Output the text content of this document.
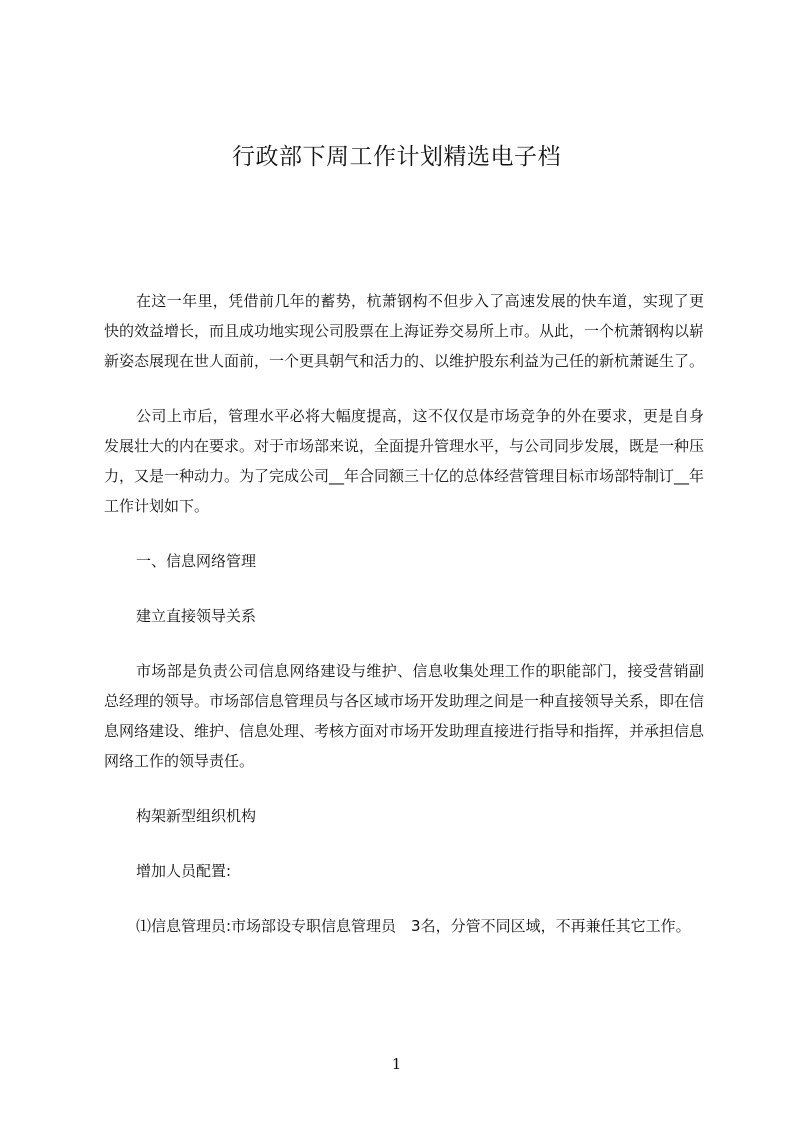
行政部下周工作计划精选电子档

在这一年里，凭借前几年的蓄势，杭萧钢构不但步入了高速发展的快车道，实现了更快的效益增长，而且成功地实现公司股票在上海证券交易所上市。从此，一个杭萧钢构以崭新姿态展现在世人面前，一个更具朝气和活力的、以维护股东利益为己任的新杭萧诞生了。

公司上市后，管理水平必将大幅度提高，这不仅仅是市场竞争的外在要求，更是自身发展壮大的内在要求。对于市场部来说，全面提升管理水平，与公司同步发展，既是一种压力，又是一种动力。为了完成公司__年合同额三十亿的总体经营管理目标市场部特制订__年工作计划如下。

一、信息网络管理

建立直接领导关系

市场部是负责公司信息网络建设与维护、信息收集处理工作的职能部门，接受营销副总经理的领导。市场部信息管理员与各区域市场开发助理之间是一种直接领导关系，即在信息网络建设、维护、信息处理、考核方面对市场开发助理直接进行指导和指挥，并承担信息网络工作的领导责任。

构架新型组织机构

增加人员配置:

⑴信息管理员:市场部设专职信息管理员　3名，分管不同区域，不再兼任其它工作。

1
